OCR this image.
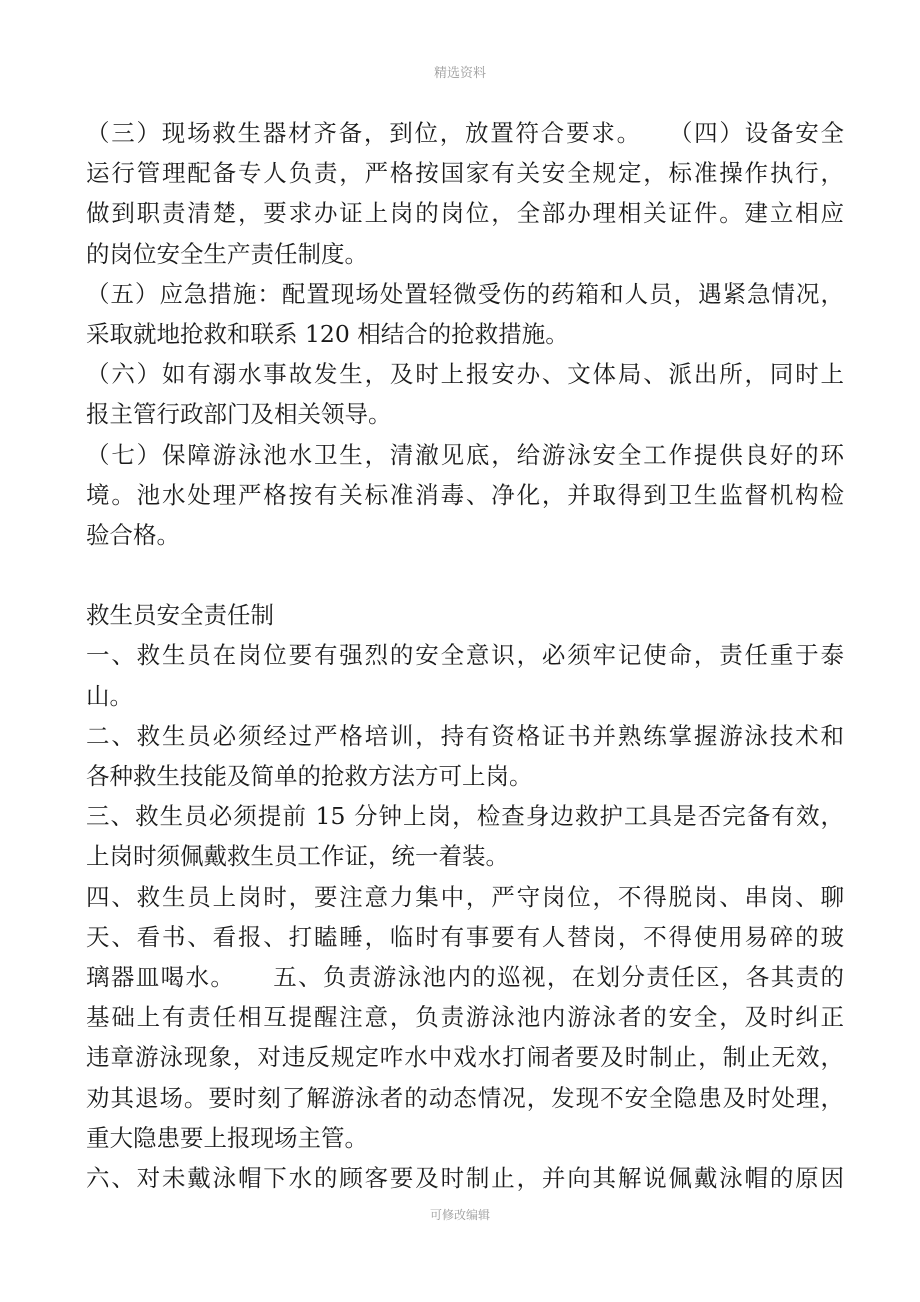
精选资料
（三）现场救生器材齐备，到位，放置符合要求。　　（四）设备安全
运行管理配备专人负责，严格按国家有关安全规定，标准操作执行，
做到职责清楚，要求办证上岗的岗位，全部办理相关证件。建立相应
的岗位安全生产责任制度。
（五）应急措施：配置现场处置轻微受伤的药箱和人员，遇紧急情况，
采取就地抢救和联系 120 相结合的抢救措施。
（六）如有溺水事故发生，及时上报安办、文体局、派出所，同时上
报主管行政部门及相关领导。
（七）保障游泳池水卫生，清澈见底，给游泳安全工作提供良好的环
境。池水处理严格按有关标准消毒、净化，并取得到卫生监督机构检
验合格。
救生员安全责任制
一、救生员在岗位要有强烈的安全意识，必须牢记使命，责任重于泰
山。
二、救生员必须经过严格培训，持有资格证书并熟练掌握游泳技术和
各种救生技能及简单的抢救方法方可上岗。
三、救生员必须提前 15 分钟上岗，检查身边救护工具是否完备有效，
上岗时须佩戴救生员工作证，统一着装。
四、救生员上岗时，要注意力集中，严守岗位，不得脱岗、串岗、聊
天、看书、看报、打瞌睡，临时有事要有人替岗，不得使用易碎的玻
璃器皿喝水。　　五、负责游泳池内的巡视，在划分责任区，各其责的
基础上有责任相互提醒注意，负责游泳池内游泳者的安全，及时纠正
违章游泳现象，对违反规定咋水中戏水打闹者要及时制止，制止无效，
劝其退场。要时刻了解游泳者的动态情况，发现不安全隐患及时处理，
重大隐患要上报现场主管。
六、对未戴泳帽下水的顾客要及时制止，并向其解说佩戴泳帽的原因
可修改编辑
